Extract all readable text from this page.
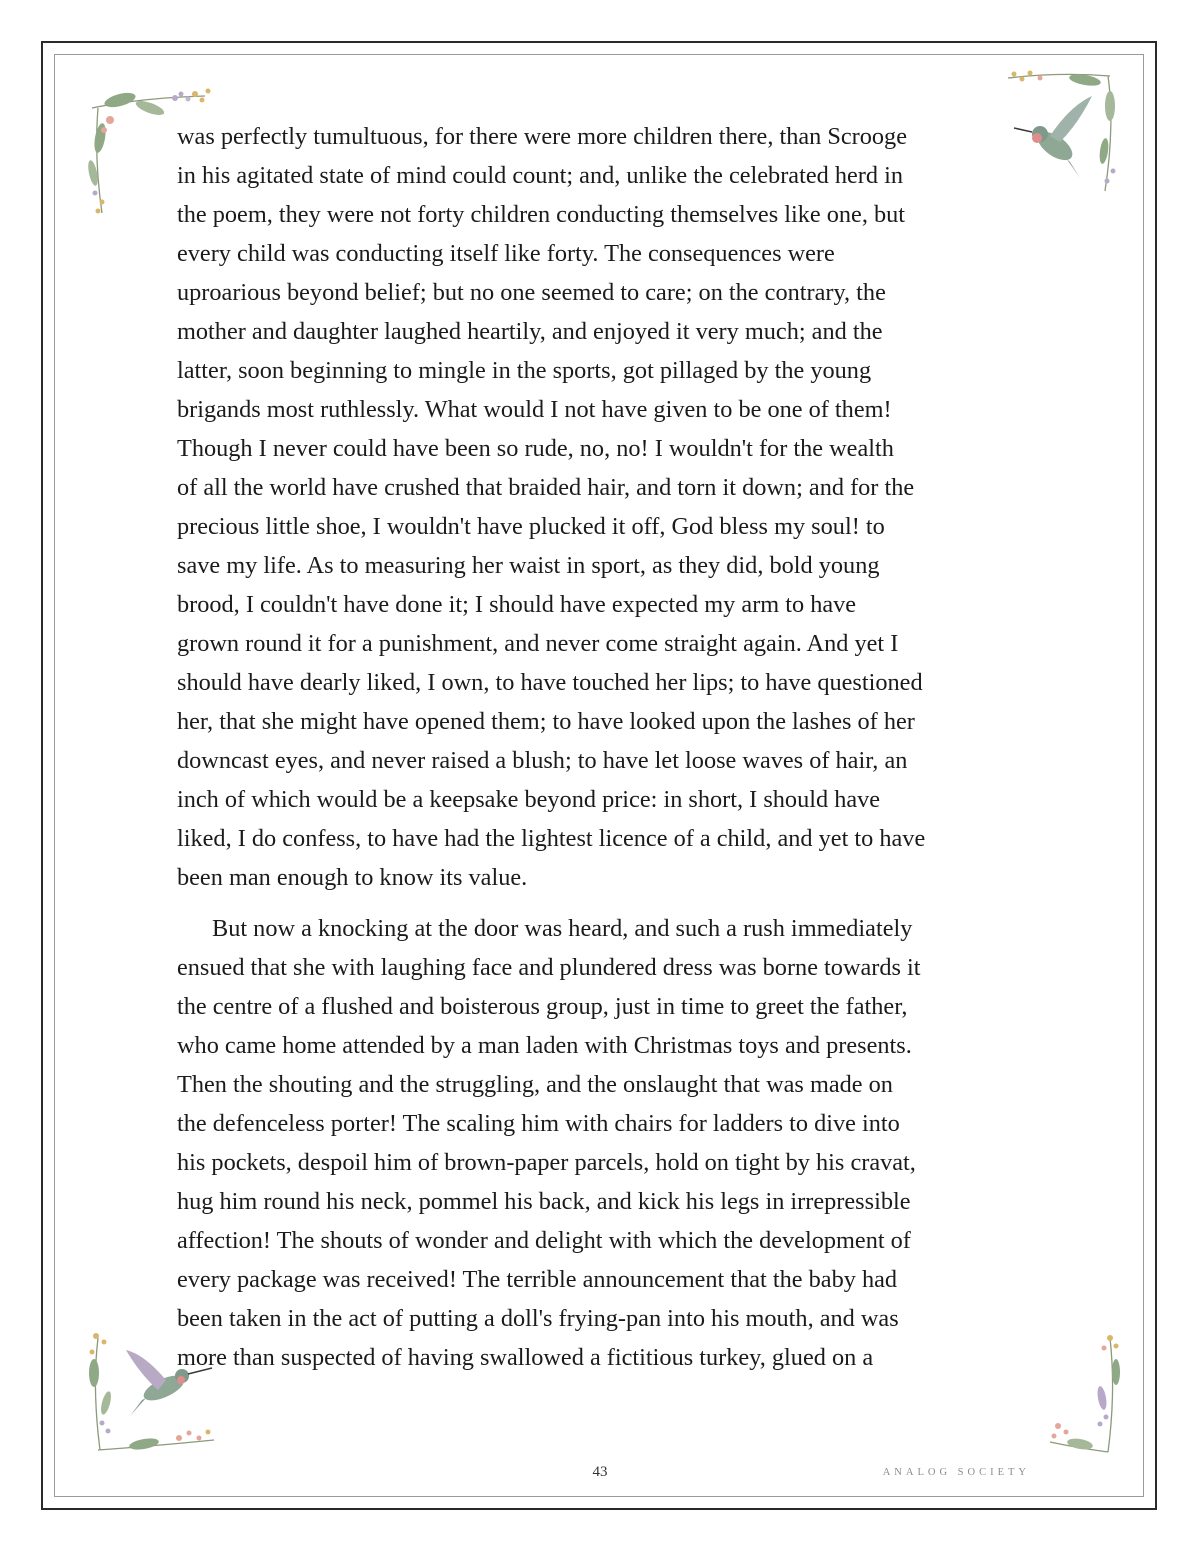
was perfectly tumultuous, for there were more children there, than Scrooge
in his agitated state of mind could count; and, unlike the celebrated herd in
the poem, they were not forty children conducting themselves like one, but
every child was conducting itself like forty. The consequences were
uproarious beyond belief; but no one seemed to care; on the contrary, the
mother and daughter laughed heartily, and enjoyed it very much; and the
latter, soon beginning to mingle in the sports, got pillaged by the young
brigands most ruthlessly. What would I not have given to be one of them!
Though I never could have been so rude, no, no! I wouldn't for the wealth
of all the world have crushed that braided hair, and torn it down; and for the
precious little shoe, I wouldn't have plucked it off, God bless my soul! to
save my life. As to measuring her waist in sport, as they did, bold young
brood, I couldn't have done it; I should have expected my arm to have
grown round it for a punishment, and never come straight again. And yet I
should have dearly liked, I own, to have touched her lips; to have questioned
her, that she might have opened them; to have looked upon the lashes of her
downcast eyes, and never raised a blush; to have let loose waves of hair, an
inch of which would be a keepsake beyond price: in short, I should have
liked, I do confess, to have had the lightest licence of a child, and yet to have
been man enough to know its value.
But now a knocking at the door was heard, and such a rush immediately
ensued that she with laughing face and plundered dress was borne towards it
the centre of a flushed and boisterous group, just in time to greet the father,
who came home attended by a man laden with Christmas toys and presents.
Then the shouting and the struggling, and the onslaught that was made on
the defenceless porter! The scaling him with chairs for ladders to dive into
his pockets, despoil him of brown-paper parcels, hold on tight by his cravat,
hug him round his neck, pommel his back, and kick his legs in irrepressible
affection! The shouts of wonder and delight with which the development of
every package was received! The terrible announcement that the baby had
been taken in the act of putting a doll's frying-pan into his mouth, and was
more than suspected of having swallowed a fictitious turkey, glued on a
43	ANALOG SOCIETY
